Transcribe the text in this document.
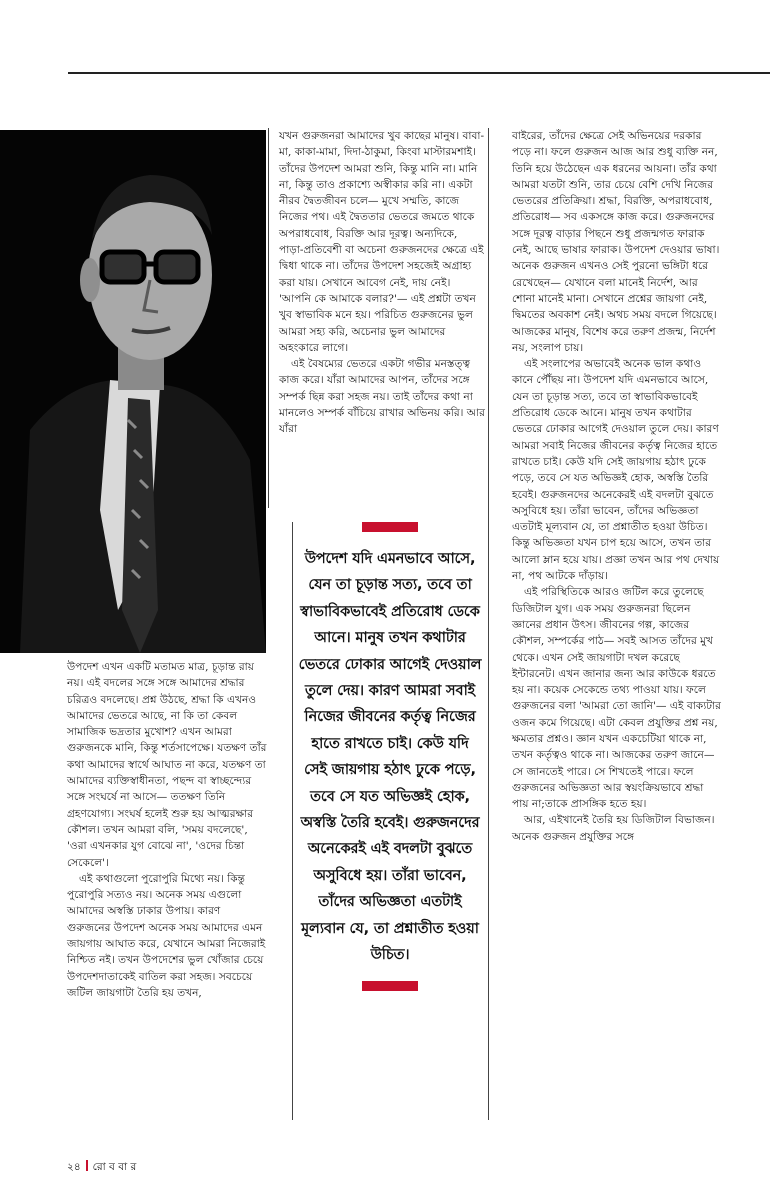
যখন গুরুজনরা আমাদের খুব কাছের মানুষ। বাবা-মা, কাকা-মামা, দিদা-ঠাকুমা, কিংবা মাস্টারমশাই। তাঁদের উপদেশ আমরা শুনি, কিন্তু মানি না। মানি না, কিন্তু তাও প্রকাশ্যে অস্বীকার করি না। একটা নীরব দ্বৈতজীবন চলে— মুখে সম্মতি, কাজে নিজের পথ। এই দ্বৈততার ভেতরে জমতে থাকে অপরাধবোধ, বিরক্তি আর দূরত্ব। অন্যদিকে, পাড়া-প্রতিবেশী বা অচেনা গুরুজনদের ক্ষেত্রে এই দ্বিধা থাকে না। তাঁদের উপদেশ সহজেই অগ্রাহ্য করা যায়। সেখানে আবেগ নেই, দায় নেই। 'আপনি কে আমাকে বলার?'— এই প্রশ্নটা তখন খুব স্বাভাবিক মনে হয়। পরিচিত গুরুজনের ভুল আমরা সহ্য করি, অচেনার ভুল আমাদের অহংকারে লাগে।

এই বৈষম্যের ভেতরে একটা গভীর মনস্তত্ত্ব কাজ করে। যাঁরা আমাদের আপন, তাঁদের সঙ্গে সম্পর্ক ছিন্ন করা সহজ নয়। তাই তাঁদের কথা না মানলেও সম্পর্ক বাঁচিয়ে রাখার অভিনয় করি। আর যাঁরা

বাইরের, তাঁদের ক্ষেত্রে সেই অভিনয়ের দরকার পড়ে না। ফলে গুরুজন আজ আর শুধু ব্যক্তি নন, তিনি হয়ে উঠেছেন এক ধরনের আয়না। তাঁর কথা আমরা যতটা শুনি, তার চেয়ে বেশি দেখি নিজের ভেতরের প্রতিক্রিয়া। শ্রদ্ধা, বিরক্তি, অপরাধবোধ, প্রতিরোধ— সব একসঙ্গে কাজ করে। গুরুজনদের সঙ্গে দূরত্ব বাড়ার পিছনে শুধু প্রজন্মগত ফারাক নেই, আছে ভাষার ফারাক। উপদেশ দেওয়ার ভাষা। অনেক গুরুজন এখনও সেই পুরনো ভঙ্গিটা ধরে রেখেছেন— যেখানে বলা মানেই নির্দেশ, আর শোনা মানেই মানা। সেখানে প্রশ্নের জায়গা নেই, দ্বিমতের অবকাশ নেই। অথচ সময় বদলে গিয়েছে। আজকের মানুষ, বিশেষ করে তরুণ প্রজন্ম, নির্দেশ নয়, সংলাপ চায়।

এই সংলাপের অভাবেই অনেক ভাল কথাও কানে পৌঁছয় না। উপদেশ যদি এমনভাবে আসে, যেন তা চূড়ান্ত সত্য, তবে তা স্বাভাবিকভাবেই প্রতিরোধ ডেকে আনে। মানুষ তখন কথাটার ভেতরে ঢোকার আগেই দেওয়াল তুলে দেয়। কারণ আমরা সবাই নিজের জীবনের কর্তৃত্ব নিজের হাতে রাখতে চাই। কেউ যদি সেই জায়গায় হঠাৎ ঢুকে পড়ে, তবে সে যত অভিজ্ঞই হোক, অস্বস্তি তৈরি হবেই। গুরুজনদের অনেকেরই এই বদলটা বুঝতে অসুবিধে হয়। তাঁরা ভাবেন, তাঁদের অভিজ্ঞতা এতটাই মূল্যবান যে, তা প্রশ্নাতীত হওয়া উচিত। কিন্তু অভিজ্ঞতা যখন চাপ হয়ে আসে, তখন তার আলো ম্লান হয়ে যায়। প্রজ্ঞা তখন আর পথ দেখায় না, পথ আটকে দাঁড়ায়।

এই পরিস্থিতিকে আরও জটিল করে তুলেছে ডিজিটাল যুগ। এক সময় গুরুজনরা ছিলেন জ্ঞানের প্রধান উৎস। জীবনের গল্প, কাজের কৌশল, সম্পর্কের পাঠ— সবই আসত তাঁদের মুখ থেকে। এখন সেই জায়গাটা দখল করেছে ইন্টারনেট। এখন জানার জন্য আর কাউকে ধরতে হয় না। কয়েক সেকেন্ডে তথ্য পাওয়া যায়। ফলে গুরুজনের বলা 'আমরা তো জানি'— এই বাক্যটার ওজন কমে গিয়েছে। এটা কেবল প্রযুক্তির প্রশ্ন নয়, ক্ষমতার প্রশ্নও। জ্ঞান যখন একচেটিয়া থাকে না, তখন কর্তৃত্বও থাকে না। আজকের তরুণ জানে— সে জানতেই পারে। সে শিখতেই পারে। ফলে গুরুজনের অভিজ্ঞতা আর স্বয়ংক্রিয়ভাবে শ্রদ্ধা পায় না;তাকে প্রাসঙ্গিক হতে হয়।

আর, এইখানেই তৈরি হয় ডিজিটাল বিভাজন। অনেক গুরুজন প্রযুক্তির সঙ্গে

উপদেশ এখন একটি মতামত মাত্র, চূড়ান্ত রায় নয়। এই বদলের সঙ্গে সঙ্গে আমাদের শ্রদ্ধার চরিত্রও বদলেছে। প্রশ্ন উঠছে, শ্রদ্ধা কি এখনও আমাদের ভেতরে আছে, না কি তা কেবল সামাজিক ভদ্রতার মুখোশ? এখন আমরা গুরুজনকে মানি, কিন্তু শর্তসাপেক্ষে। যতক্ষণ তাঁর কথা আমাদের স্বার্থে আঘাত না করে, যতক্ষণ তা আমাদের ব্যক্তিস্বাধীনতা, পছন্দ বা স্বাচ্ছন্দ্যের সঙ্গে সংঘর্ষে না আসে— ততক্ষণ তিনি গ্রহণযোগ্য। সংঘর্ষ হলেই শুরু হয় আত্মরক্ষার কৌশল। তখন আমরা বলি, 'সময় বদলেছে', 'ওরা এখনকার যুগ বোঝে না', 'ওদের চিন্তা সেকেলে'।

এই কথাগুলো পুরোপুরি মিথ্যে নয়। কিন্তু পুরোপুরি সত্যও নয়। অনেক সময় এগুলো আমাদের অস্বস্তি ঢাকার উপায়। কারণ গুরুজনের উপদেশ অনেক সময় আমাদের এমন জায়গায় আঘাত করে, যেখানে আমরা নিজেরাই নিশ্চিত নই। তখন উপদেশের ভুল খোঁজার চেয়ে উপদেশদাতাকেই বাতিল করা সহজ। সবচেয়ে জটিল জায়গাটা তৈরি হয় তখন,

উপদেশ যদি এমনভাবে আসে, যেন তা চূড়ান্ত সত্য, তবে তা স্বাভাবিকভাবেই প্রতিরোধ ডেকে আনে। মানুষ তখন কথাটার ভেতরে ঢোকার আগেই দেওয়াল তুলে দেয়। কারণ আমরা সবাই নিজের জীবনের কর্তৃত্ব নিজের হাতে রাখতে চাই। কেউ যদি সেই জায়গায় হঠাৎ ঢুকে পড়ে, তবে সে যত অভিজ্ঞই হোক, অস্বস্তি তৈরি হবেই। গুরুজনদের অনেকেরই এই বদলটা বুঝতে অসুবিধে হয়। তাঁরা ভাবেন, তাঁদের অভিজ্ঞতা এতটাই মূল্যবান যে, তা প্রশ্নাতীত হওয়া উচিত।
২৪ রো ব বা র
